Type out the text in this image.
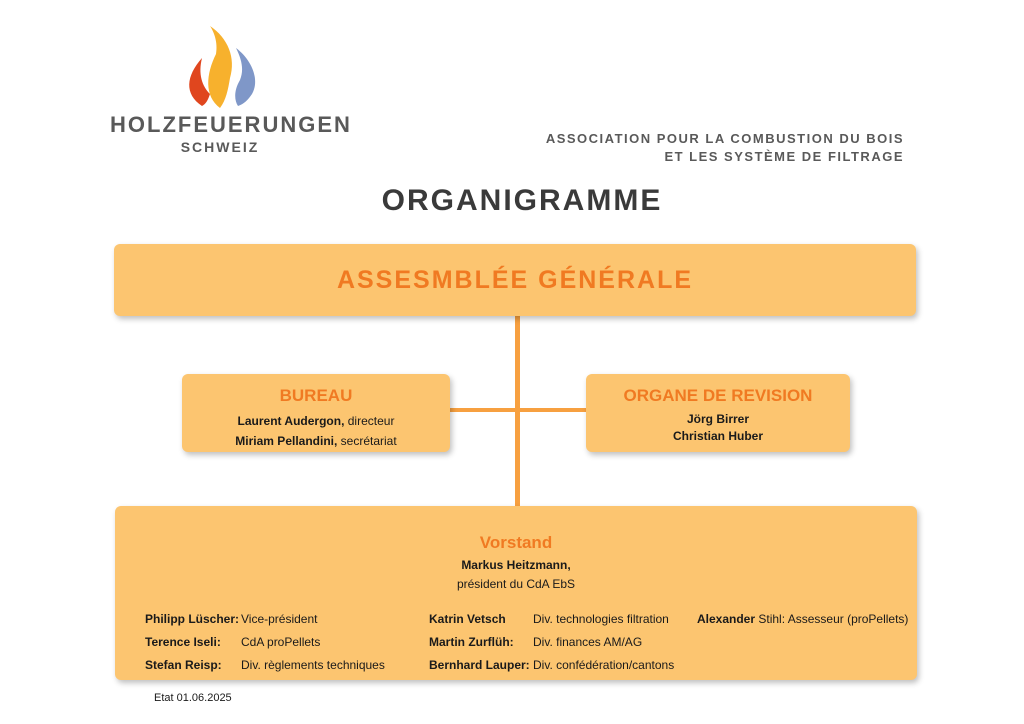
HOLZFEUERUNGEN
SCHWEIZ
ASSOCIATION POUR LA COMBUSTION DU BOIS
ET LES SYSTÈME DE FILTRAGE
ORGANIGRAMME
ASSESMBLÉE GÉNÉRALE
BUREAU
Laurent Audergon, directeur
Miriam Pellandini, secrétariat
ORGANE DE REVISION
Jörg Birrer
Christian Huber
Vorstand
Markus Heitzmann,
président du CdA EbS
Philipp Lüscher: Vice-président
Terence Iseli: CdA proPellets
Stefan Reisp: Div. règlements techniques
Katrin Vetsch Div. technologies filtration
Martin Zurflüh: Div. finances AM/AG
Bernhard Lauper: Div. confédération/cantons
Alexander Stihl: Assesseur (proPellets)
Etat 01.06.2025
